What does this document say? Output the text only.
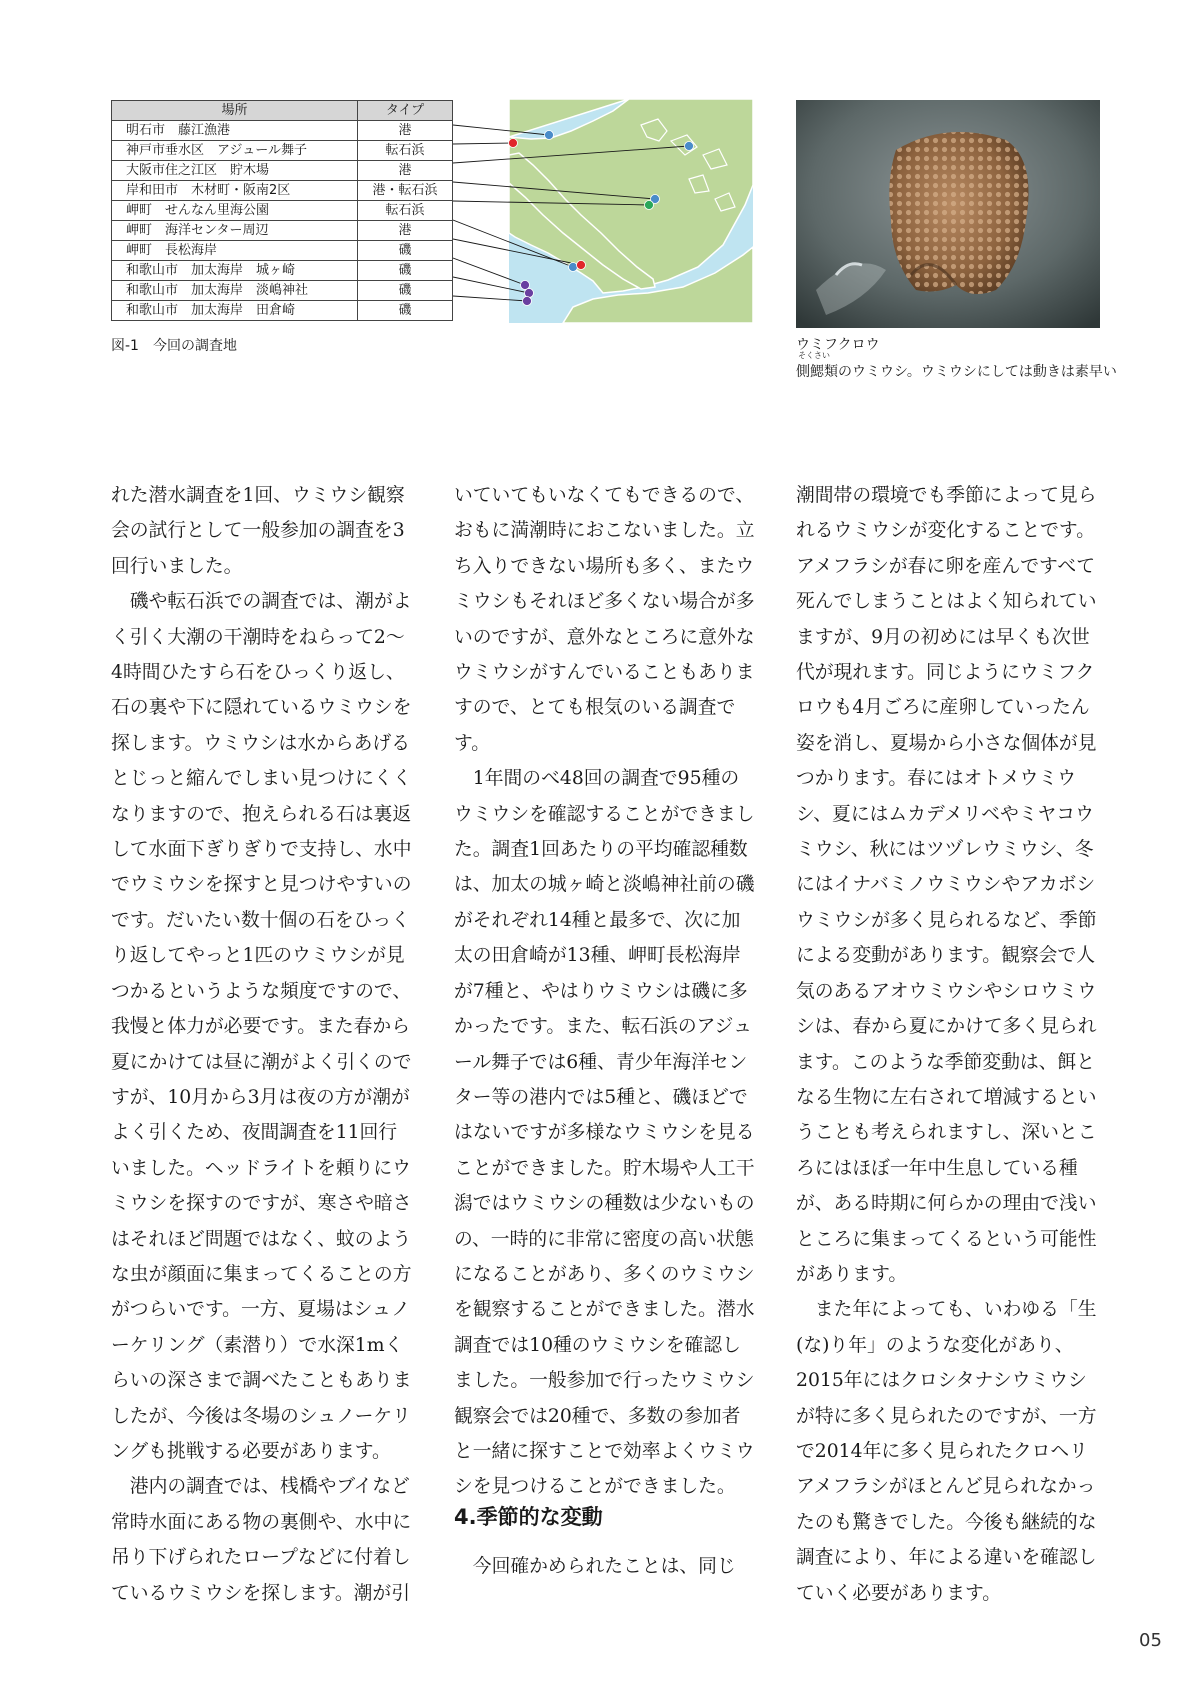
場所	タイプ
明石市　藤江漁港	港
神戸市垂水区　アジュール舞子	転石浜
大阪市住之江区　貯木場	港
岸和田市　木材町・阪南2区	港・転石浜
岬町　せんなん里海公園	転石浜
岬町　海洋センター周辺	港
岬町　長松海岸	磯
和歌山市　加太海岸　城ヶ崎	磯
和歌山市　加太海岸　淡嶋神社	磯
和歌山市　加太海岸　田倉崎	磯
図-1　今回の調査地	ウミフクロウ
そくさい
側鰓類のウミウシ。ウミウシにしては動きは素早い

れた潜水調査を1回、ウミウシ観察会の試行として一般参加の調査を3回行いました。

磯や転石浜での調査では、潮がよく引く大潮の干潮時をねらって2〜4時間ひたすら石をひっくり返し、石の裏や下に隠れているウミウシを探します。ウミウシは水からあげるとじっと縮んでしまい見つけにくくなりますので、抱えられる石は裏返して水面下ぎりぎりで支持し、水中でウミウシを探すと見つけやすいのです。だいたい数十個の石をひっくり返してやっと1匹のウミウシが見つかるというような頻度ですので、我慢と体力が必要です。また春から夏にかけては昼に潮がよく引くのですが、10月から3月は夜の方が潮がよく引くため、夜間調査を11回行いました。ヘッドライトを頼りにウミウシを探すのですが、寒さや暗さはそれほど問題ではなく、蚊のような虫が顔面に集まってくることの方がつらいです。一方、夏場はシュノーケリング（素潜り）で水深1mくらいの深さまで調べたこともありましたが、今後は冬場のシュノーケリングも挑戦する必要があります。

港内の調査では、桟橋やブイなど常時水面にある物の裏側や、水中に吊り下げられたロープなどに付着しているウミウシを探します。潮が引

いていてもいなくてもできるので、おもに満潮時におこないました。立ち入りできない場所も多く、またウミウシもそれほど多くない場合が多いのですが、意外なところに意外なウミウシがすんでいることもありますので、とても根気のいる調査です。

1年間のべ48回の調査で95種のウミウシを確認することができました。調査1回あたりの平均確認種数は、加太の城ヶ崎と淡嶋神社前の磯がそれぞれ14種と最多で、次に加太の田倉崎が13種、岬町長松海岸が7種と、やはりウミウシは磯に多かったです。また、転石浜のアジュール舞子では6種、青少年海洋センター等の港内では5種と、磯ほどではないですが多様なウミウシを見ることができました。貯木場や人工干潟ではウミウシの種数は少ないものの、一時的に非常に密度の高い状態になることがあり、多くのウミウシを観察することができました。潜水調査では10種のウミウシを確認しました。一般参加で行ったウミウシ観察会では20種で、多数の参加者と一緒に探すことで効率よくウミウシを見つけることができました。

4.季節的な変動

今回確かめられたことは、同じ

潮間帯の環境でも季節によって見られるウミウシが変化することです。アメフラシが春に卵を産んですべて死んでしまうことはよく知られていますが、9月の初めには早くも次世代が現れます。同じようにウミフクロウも4月ごろに産卵していったん姿を消し、夏場から小さな個体が見つかります。春にはオトメウミウシ、夏にはムカデメリベやミヤコウミウシ、秋にはツヅレウミウシ、冬にはイナバミノウミウシやアカボシウミウシが多く見られるなど、季節による変動があります。観察会で人気のあるアオウミウシやシロウミウシは、春から夏にかけて多く見られます。このような季節変動は、餌となる生物に左右されて増減するということも考えられますし、深いところにはほぼ一年中生息している種が、ある時期に何らかの理由で浅いところに集まってくるという可能性があります。

また年によっても、いわゆる「生(な)り年」のような変化があり、2015年にはクロシタナシウミウシが特に多く見られたのですが、一方で2014年に多く見られたクロヘリアメフラシがほとんど見られなかったのも驚きでした。今後も継続的な調査により、年による違いを確認していく必要があります。

05
